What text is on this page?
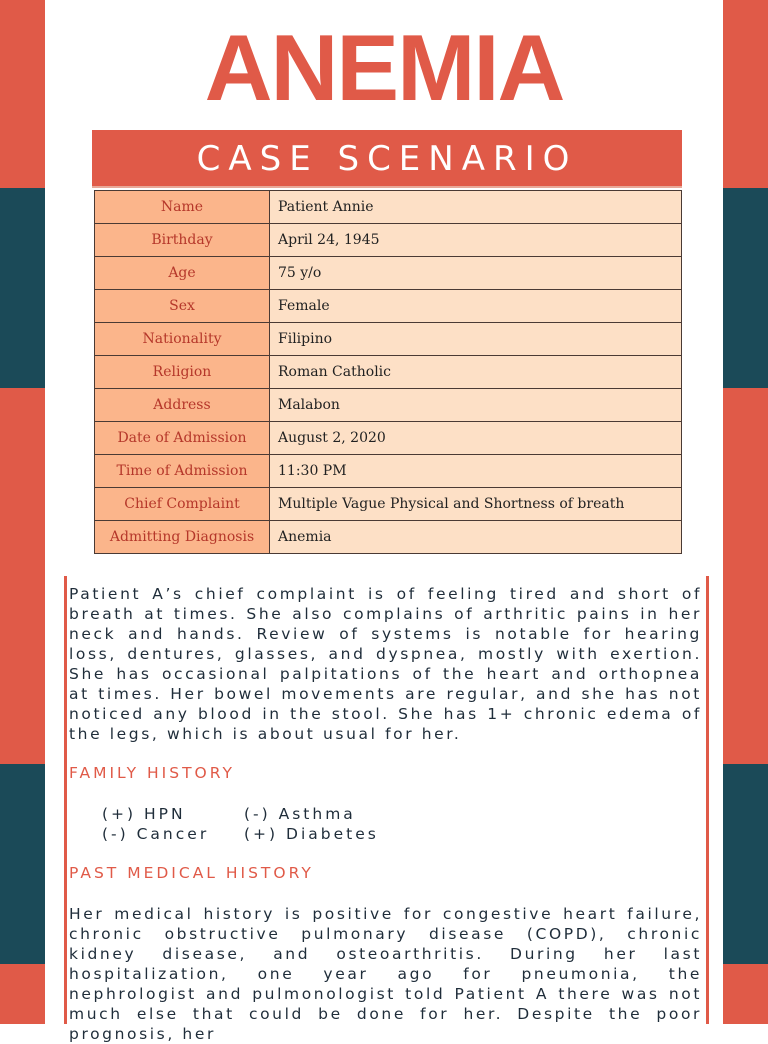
ANEMIA
CASE SCENARIO
Name	Patient Annie
Birthday	April 24, 1945
Age	75 y/o
Sex	Female
Nationality	Filipino
Religion	Roman Catholic
Address	Malabon
Date of Admission	August 2, 2020
Time of Admission	11:30 PM
Chief Complaint	Multiple Vague Physical and Shortness of breath
Admitting Diagnosis	Anemia
Patient A’s chief complaint is of feeling tired and short of breath at times. She also complains of arthritic pains in her neck and hands. Review of systems is notable for hearing loss, dentures, glasses, and dyspnea, mostly with exertion. She has occasional palpitations of the heart and orthopnea at times. Her bowel movements are regular, and she has not noticed any blood in the stool. She has 1+ chronic edema of the legs, which is about usual for her.
FAMILY HISTORY
(+) HPN	(-) Asthma
(-) Cancer (+) Diabetes
PAST MEDICAL HISTORY
Her medical history is positive for congestive heart failure, chronic obstructive pulmonary disease (COPD), chronic kidney disease, and osteoarthritis. During her last hospitalization, one year ago for pneumonia, the nephrologist and pulmonologist told Patient A there was not much else that could be done for her. Despite the poor prognosis, her
